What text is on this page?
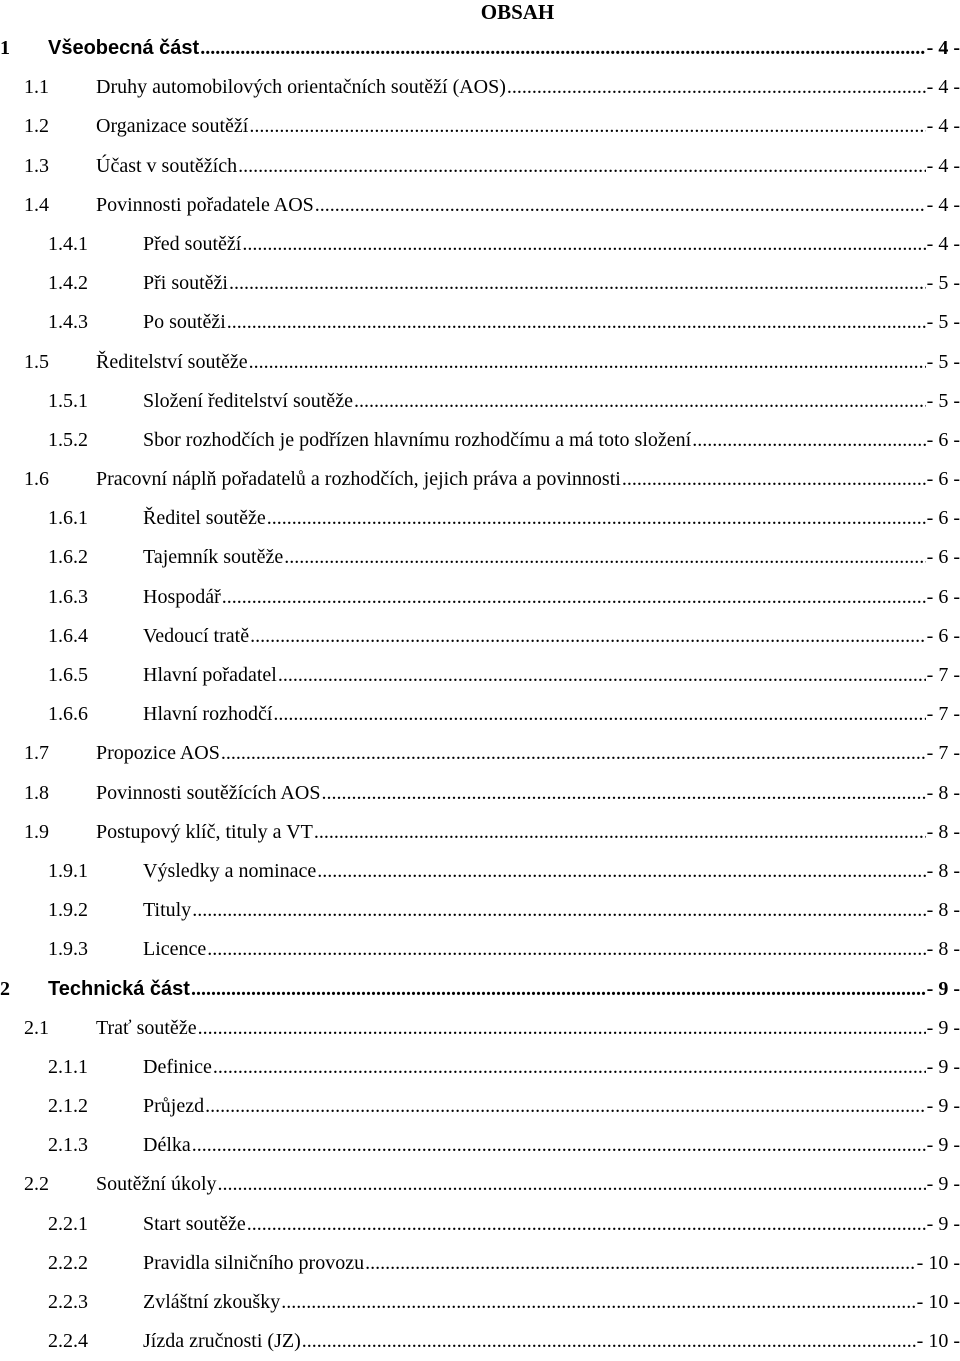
OBSAH
1 Všeobecná část .....	- 4 -
1.1 Druhy automobilových orientačních soutěží (AOS) .....	- 4 -
1.2 Organizace soutěží .....	- 4 -
1.3 Účast v soutěžích .....	- 4 -
1.4 Povinnosti pořadatele AOS .....	- 4 -
1.4.1	Před soutěží .....	- 4 -
1.4.2	Při soutěži .....	- 5 -
1.4.3	Po soutěži .....	- 5 -
1.5 Ředitelství soutěže .....	- 5 -
1.5.1	Složení ředitelství soutěže .....	- 5 -
1.5.2	Sbor rozhodčích je podřízen hlavnímu rozhodčímu a má toto složení .....	- 6 -
1.6 Pracovní náplň pořadatelů a rozhodčích, jejich práva a povinnosti .....	- 6 -
1.6.1	Ředitel soutěže .....	- 6 -
1.6.2	Tajemník soutěže .....	- 6 -
1.6.3	Hospodář .....	- 6 -
1.6.4	Vedoucí tratě .....	- 6 -
1.6.5	Hlavní pořadatel .....	- 7 -
1.6.6	Hlavní rozhodčí .....	- 7 -
1.7 Propozice AOS .....	- 7 -
1.8 Povinnosti soutěžících AOS .....	- 8 -
1.9 Postupový klíč, tituly a VT .....	- 8 -
1.9.1	Výsledky a nominace .....	- 8 -
1.9.2	Tituly .....	- 8 -
1.9.3	Licence .....	- 8 -
2 Technická část .....	- 9 -
2.1 Trať soutěže .....	- 9 -
2.1.1	Definice .....	- 9 -
2.1.2	Průjezd .....	- 9 -
2.1.3	Délka .....	- 9 -
2.2 Soutěžní úkoly .....	- 9 -
2.2.1	Start soutěže .....	- 9 -
2.2.2	Pravidla silničního provozu .....	- 10 -
2.2.3	Zvláštní zkoušky .....	- 10 -
2.2.4	Jízda zručnosti (JZ) .....	- 10 -
